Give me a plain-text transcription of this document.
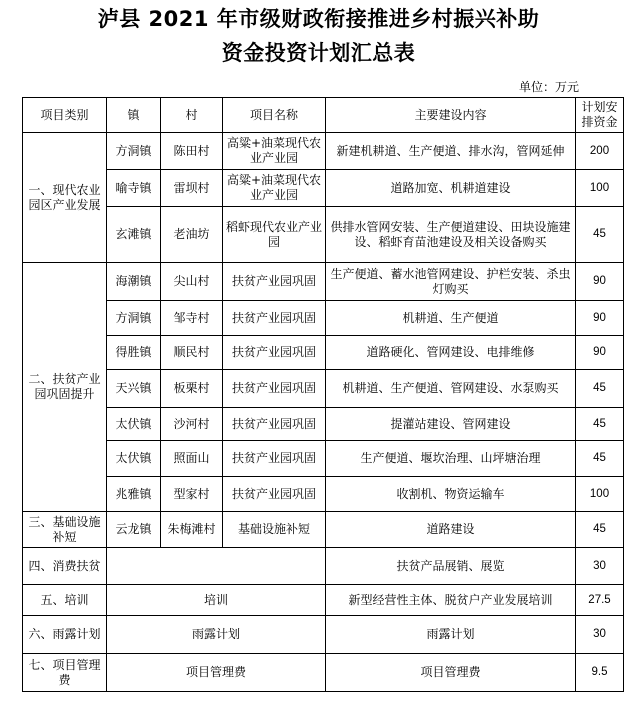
泸县 2021 年市级财政衔接推进乡村振兴补助
资金投资计划汇总表
单位：万元
项目类别	镇	村	项目名称	主要建设内容	计划安排资金
一、现代农业园区产业发展	方洞镇	陈田村	高粱+油菜现代农业产业园	新建机耕道、生产便道、排水沟，管网延伸	200
	喻寺镇	雷坝村	高粱+油菜现代农业产业园	道路加宽、机耕道建设	100
	玄滩镇	老油坊	稻虾现代农业产业园	供排水管网安装、生产便道建设、田块设施建设、稻虾育苗池建设及相关设备购买	45
二、扶贫产业园巩固提升	海潮镇	尖山村	扶贫产业园巩固	生产便道、蓄水池管网建设、护栏安装、杀虫灯购买	90
	方洞镇	邹寺村	扶贫产业园巩固	机耕道、生产便道	90
	得胜镇	顺民村	扶贫产业园巩固	道路硬化、管网建设、电排维修	90
	天兴镇	板栗村	扶贫产业园巩固	机耕道、生产便道、管网建设、水泵购买	45
	太伏镇	沙河村	扶贫产业园巩固	提灌站建设、管网建设	45
	太伏镇	照面山	扶贫产业园巩固	生产便道、堰坎治理、山坪塘治理	45
	兆雅镇	型家村	扶贫产业园巩固	收割机、物资运输车	100
三、基础设施补短	云龙镇	朱梅滩村	基础设施补短	道路建设	45
四、消费扶贫				扶贫产品展销、展览	30
五、培训	培训			新型经营性主体、脱贫户产业发展培训	27.5
六、雨露计划	雨露计划			雨露计划	30
七、项目管理费	项目管理费			项目管理费	9.5
